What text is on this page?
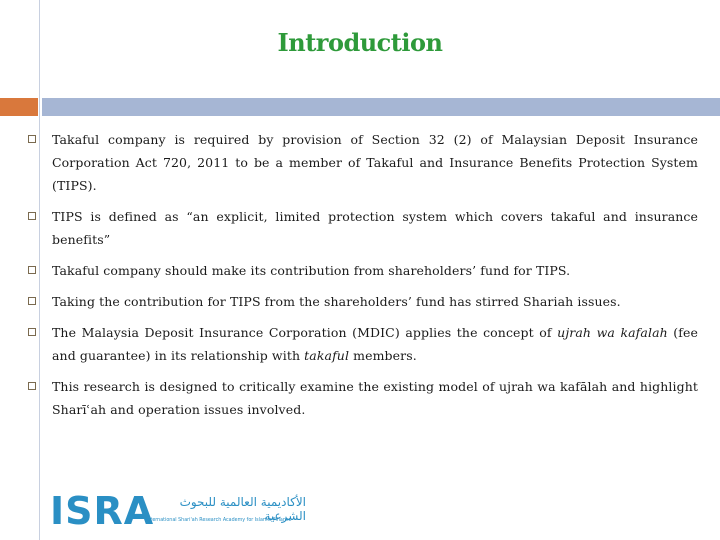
Introduction
Takaful company is required by provision of Section 32 (2) of Malaysian Deposit Insurance Corporation Act 720, 2011 to be a member of Takaful and Insurance Benefits Protection System (TIPS).
TIPS is defined as “an explicit, limited protection system which covers takaful and insurance benefits”
Takaful company should make its contribution from shareholders’ fund for TIPS.
Taking the contribution for TIPS from the shareholders’ fund has stirred Shariah issues.
The Malaysia Deposit Insurance Corporation (MDIC) applies the concept of ujrah wa kafalah (fee and guarantee) in its relationship with takaful members.
This research is designed to critically examine the existing model of ujrah wa kafālah and highlight Sharīʿah and operation issues involved.
ISRA	الأكاديمية العالمية للبحوث الشرعية
International Shari'ah Research Academy for Islamic Finance
